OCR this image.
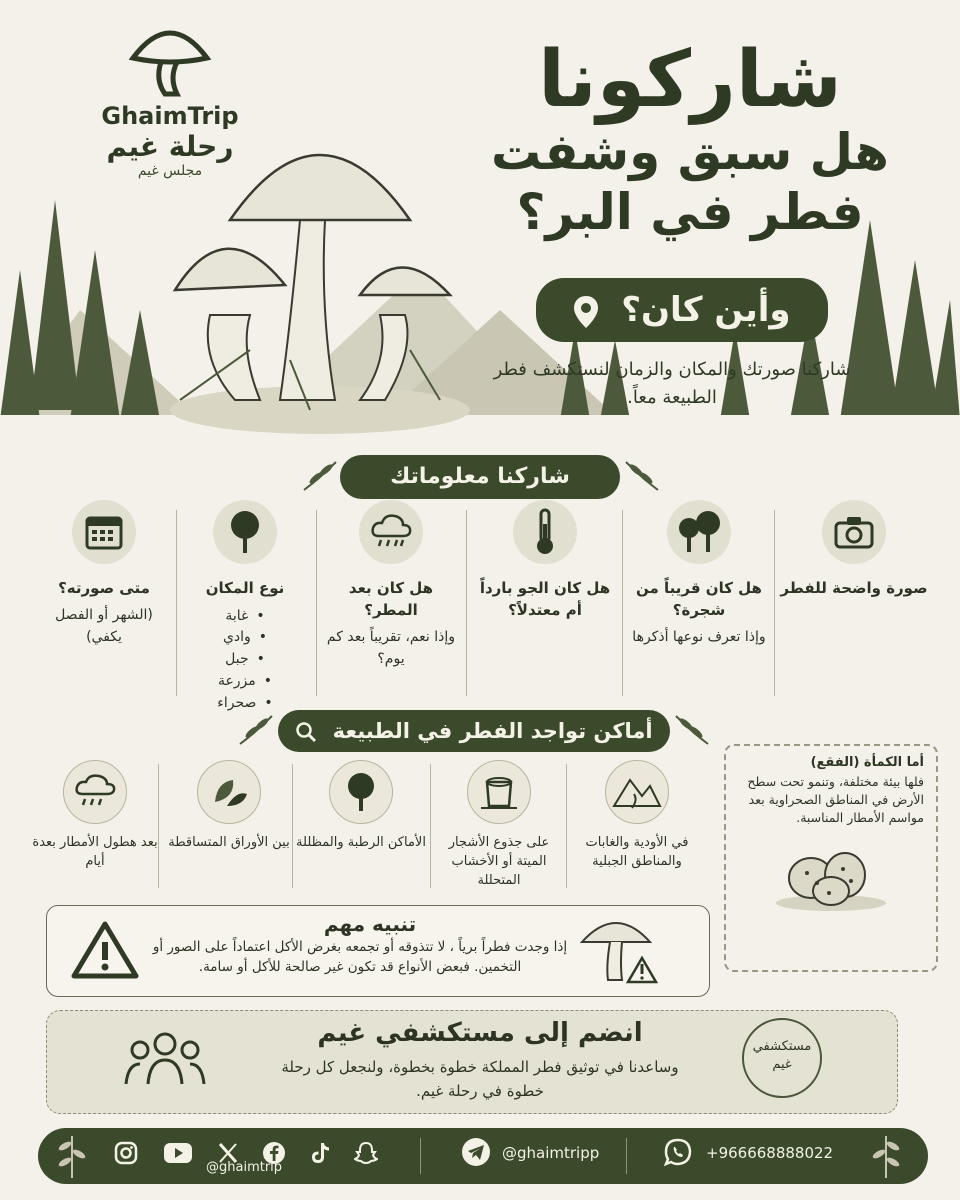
GhaimTrip
رحلة غيم
مجلس غيم
شاركونا
هل سبق وشفت
فطر في البر؟
وأين كان؟
شاركنا صورتك والمكان والزمان لنستكشف فطر الطبيعة معاً.
شاركنا معلوماتك
صورة واضحة للفطر
هل كان قريباً من شجرة؟
وإذا تعرف نوعها أذكرها
هل كان الجو بارداً أم معتدلاً؟
هل كان بعد المطر؟
وإذا نعم، تقريباً بعد كم يوم؟
نوع المكان
• غابة
• وادي
• جبل
• مزرعة
• صحراء
متى صورته؟
(الشهر أو الفصل يكفي)
أماكن تواجد الفطر في الطبيعة
في الأودية والغابات والمناطق الجبلية
على جذوع الأشجار الميتة أو الأخشاب المتحللة
الأماكن الرطبة والمظللة
بين الأوراق المتساقطة
بعد هطول الأمطار بعدة أيام
أما الكمأة (الفقع)
فلها بيئة مختلفة، وتنمو تحت سطح الأرض في المناطق الصحراوية بعد مواسم الأمطار المناسبة.
تنبيه مهم
إذا وجدت فطراً برياً ، لا تتذوقه أو تجمعه بغرض الأكل اعتماداً على الصور أو التخمين. فبعض الأنواع قد تكون غير صالحة للأكل أو سامة.
انضم إلى مستكشفي غيم
وساعدنا في توثيق فطر المملكة خطوة بخطوة، ولنجعل كل رحلة خطوة في رحلة غيم.
مستكشفي غيم
@ghaimtrip
@ghaimtripp	+966668888022
